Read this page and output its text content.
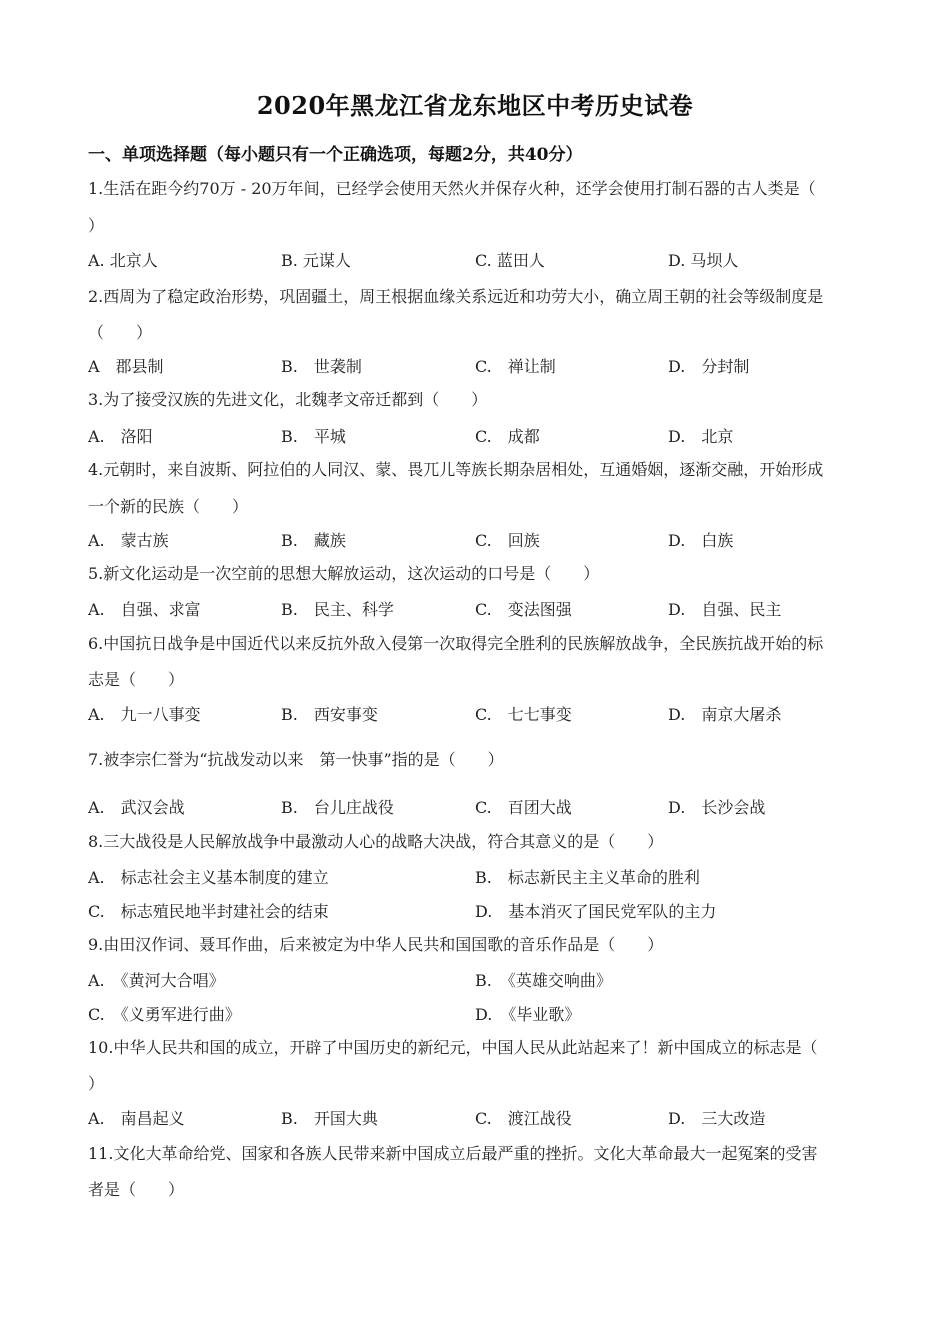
2020年黑龙江省龙东地区中考历史试卷
一、单项选择题（每小题只有一个正确选项，每题2分，共40分）
1.生活在距今约70万 - 20万年间，已经学会使用天然火并保存火种，还学会使用打制石器的古人类是（
）
A. 北京人	B. 元谋人	C. 蓝田人	D. 马坝人
2.西周为了稳定政治形势，巩固疆土，周王根据血缘关系远近和功劳大小，确立周王朝的社会等级制度是
（　　）
A　郡县制	B.　世袭制	C.　禅让制	D.　分封制
3.为了接受汉族的先进文化，北魏孝文帝迁都到（　　）
A.　洛阳	B.　平城	C.　成都	D.　北京
4.元朝时，来自波斯、阿拉伯的人同汉、蒙、畏兀儿等族长期杂居相处，互通婚姻，逐渐交融，开始形成
一个新的民族（　　）
A.　蒙古族	B.　藏族	C.　回族	D.　白族
5.新文化运动是一次空前的思想大解放运动，这次运动的口号是（　　）
A.　自强、求富	B.　民主、科学	C.　变法图强	D.　自强、民主
6.中国抗日战争是中国近代以来反抗外敌入侵第一次取得完全胜利的民族解放战争，全民族抗战开始的标
志是（　　）
A.　九一八事变	B.　西安事变	C.　七七事变	D.　南京大屠杀
7.被李宗仁誉为“抗战发动以来　第一快事”指的是（　　）
A.　武汉会战	B.　台儿庄战役	C.　百团大战	D.　长沙会战
8.三大战役是人民解放战争中最激动人心的战略大决战，符合其意义的是（　　）
A.　标志社会主义基本制度的建立	B.　标志新民主主义革命的胜利
C.　标志殖民地半封建社会的结束	D.　基本消灭了国民党军队的主力
9.由田汉作词、聂耳作曲，后来被定为中华人民共和国国歌的音乐作品是（　　）
A.　《黄河大合唱》	B.　《英雄交响曲》
C.　《义勇军进行曲》	D.　《毕业歌》
10.中华人民共和国的成立，开辟了中国历史的新纪元，中国人民从此站起来了！新中国成立的标志是（
）
A.　南昌起义	B.　开国大典	C.　渡江战役	D.　三大改造
11.文化大革命给党、国家和各族人民带来新中国成立后最严重的挫折。文化大革命最大一起冤案的受害
者是（　　）
